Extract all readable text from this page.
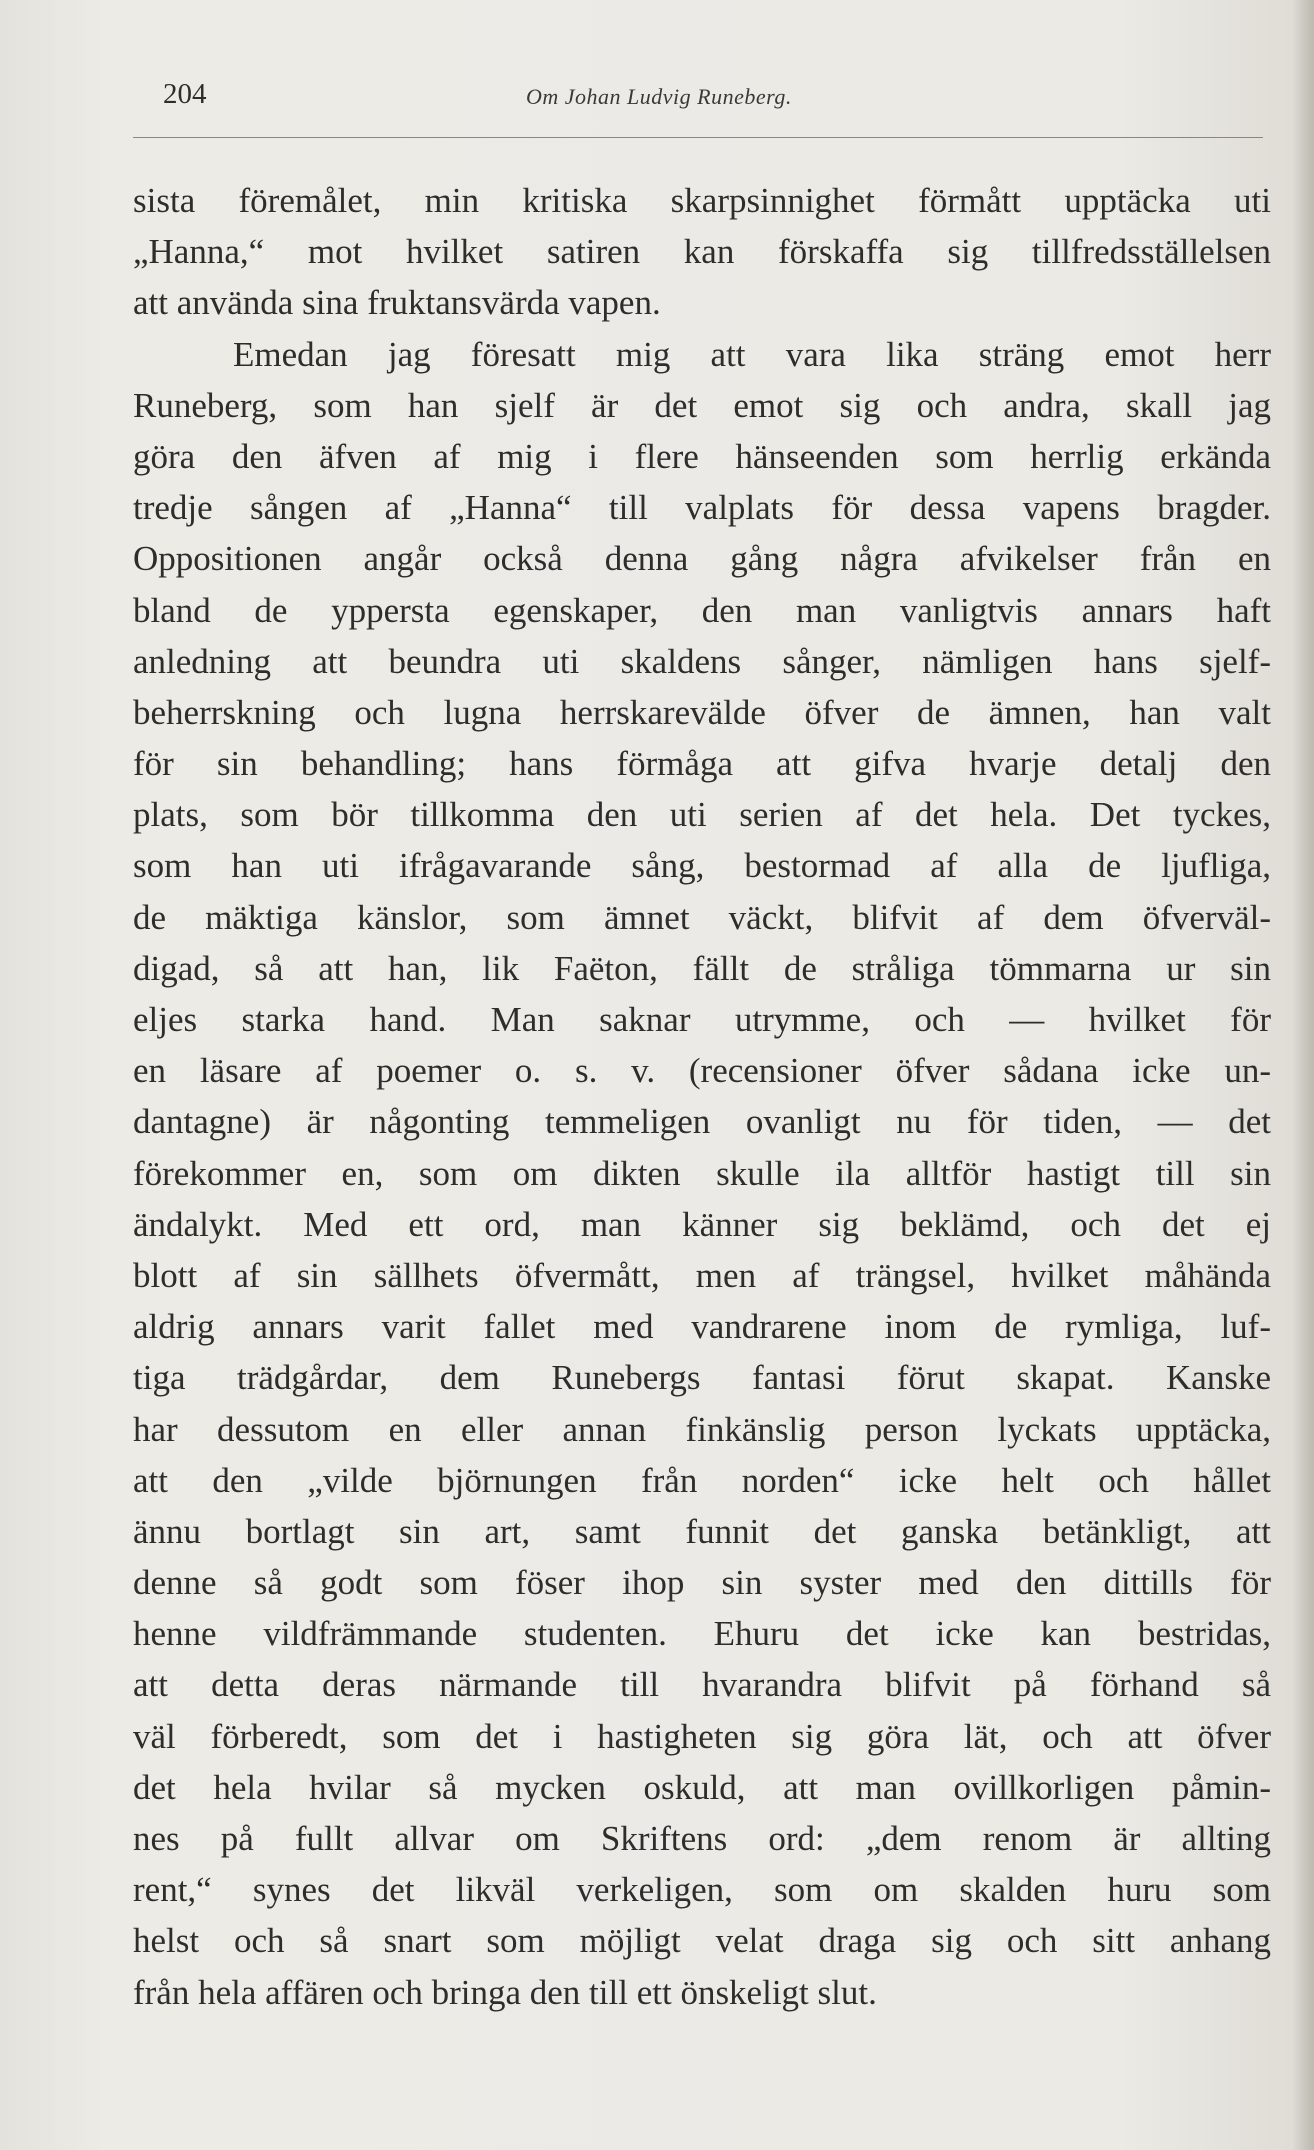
204	Om Johan Ludvig Runeberg.
sista föremålet, min kritiska skarpsinnighet förmått upptäcka uti
„Hanna,“ mot hvilket satiren kan förskaffa sig tillfredsställelsen
att använda sina fruktansvärda vapen.
Emedan jag föresatt mig att vara lika sträng emot herr
Runeberg, som han sjelf är det emot sig och andra, skall jag
göra den äfven af mig i flere hänseenden som herrlig erkända
tredje sången af „Hanna“ till valplats för dessa vapens bragder.
Oppositionen angår också denna gång några afvikelser från en
bland de yppersta egenskaper, den man vanligtvis annars haft
anledning att beundra uti skaldens sånger, nämligen hans sjelf-
beherrskning och lugna herrskarevälde öfver de ämnen, han valt
för sin behandling; hans förmåga att gifva hvarje detalj den
plats, som bör tillkomma den uti serien af det hela. Det tyckes,
som han uti ifrågavarande sång, bestormad af alla de ljufliga,
de mäktiga känslor, som ämnet väckt, blifvit af dem öfverväl-
digad, så att han, lik Faëton, fällt de stråliga tömmarna ur sin
eljes starka hand. Man saknar utrymme, och — hvilket för
en läsare af poemer o. s. v. (recensioner öfver sådana icke un-
dantagne) är någonting temmeligen ovanligt nu för tiden, — det
förekommer en, som om dikten skulle ila alltför hastigt till sin
ändalykt. Med ett ord, man känner sig beklämd, och det ej
blott af sin sällhets öfvermått, men af trängsel, hvilket måhända
aldrig annars varit fallet med vandrarene inom de rymliga, luf-
tiga trädgårdar, dem Runebergs fantasi förut skapat. Kanske
har dessutom en eller annan finkänslig person lyckats upptäcka,
att den „vilde björnungen från norden“ icke helt och hållet
ännu bortlagt sin art, samt funnit det ganska betänkligt, att
denne så godt som föser ihop sin syster med den dittills för
henne vildfrämmande studenten. Ehuru det icke kan bestridas,
att detta deras närmande till hvarandra blifvit på förhand så
väl förberedt, som det i hastigheten sig göra lät, och att öfver
det hela hvilar så mycken oskuld, att man ovillkorligen påmin-
nes på fullt allvar om Skriftens ord: „dem renom är allting
rent,“ synes det likväl verkeligen, som om skalden huru som
helst och så snart som möjligt velat draga sig och sitt anhang
från hela affären och bringa den till ett önskeligt slut.
